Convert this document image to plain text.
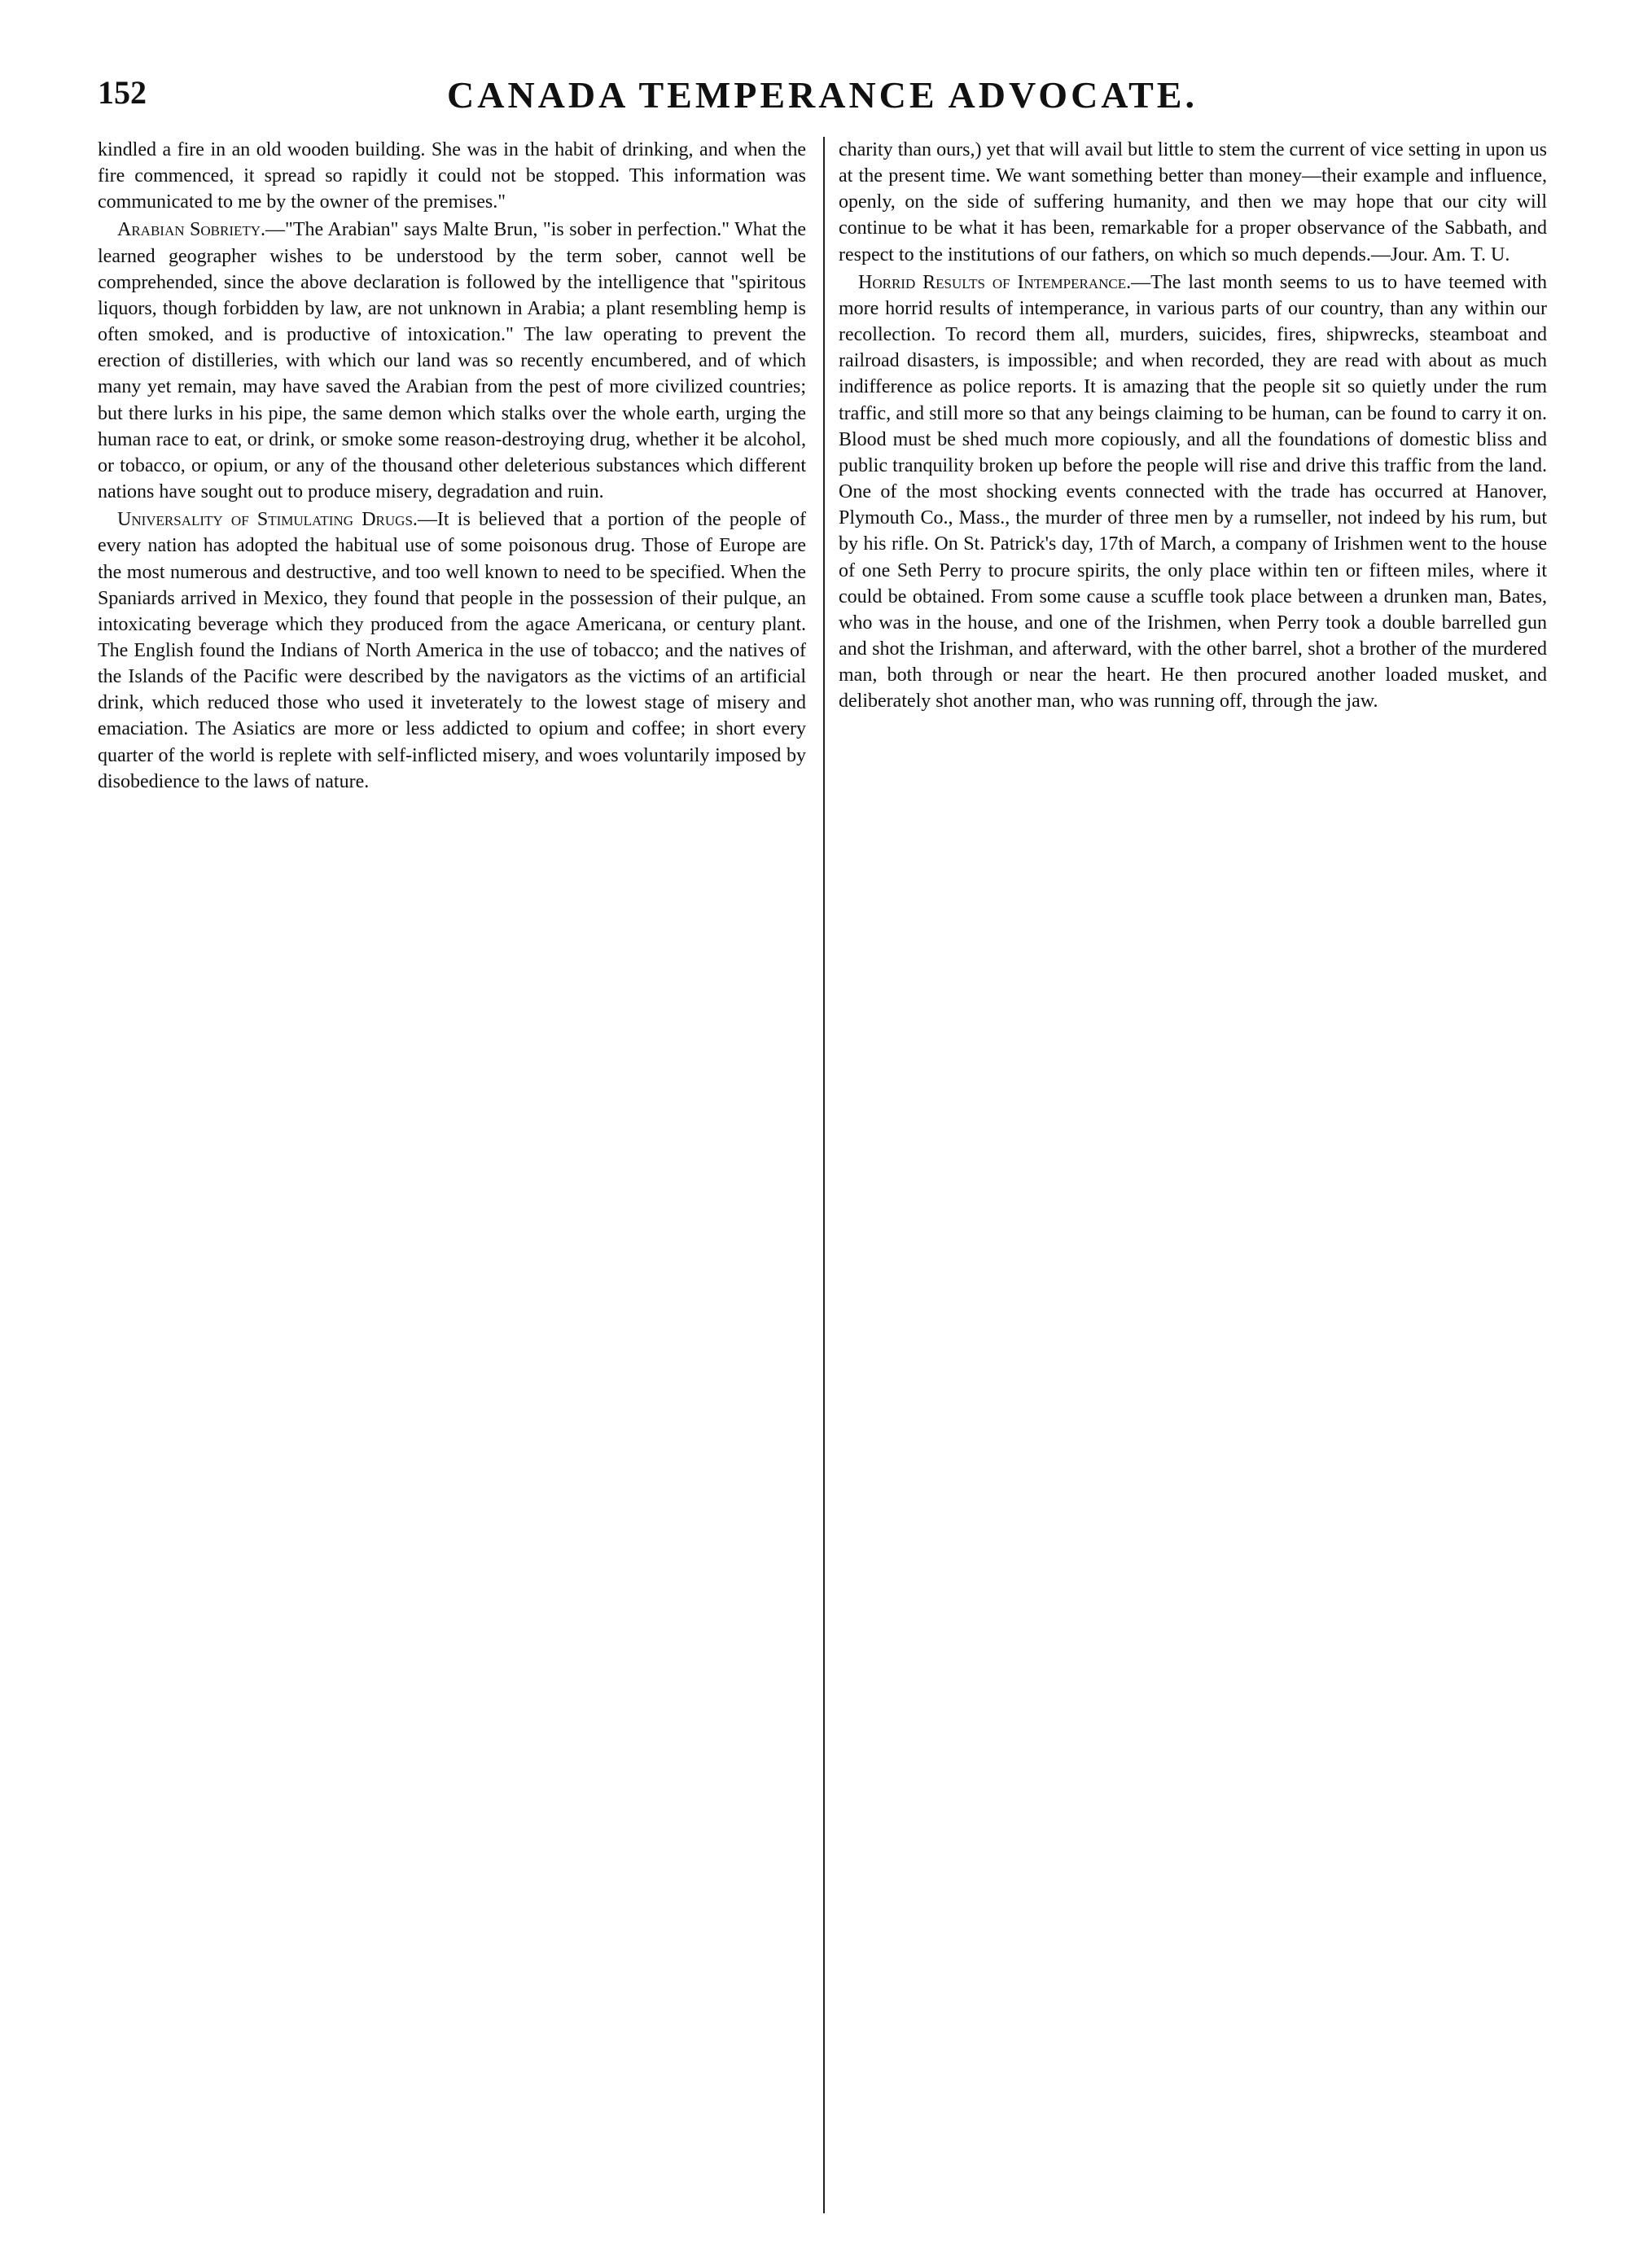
152	CANADA TEMPERANCE ADVOCATE.

kindled a fire in an old wooden building. She was in the habit of drinking, and when the fire commenced, it spread so rapidly it could not be stopped. This information was communicated to me by the owner of the premises."

Arabian Sobriety.—"The Arabian" says Malte Brun, "is sober in perfection." What the learned geographer wishes to be understood by the term sober, cannot well be comprehended, since the above declaration is followed by the intelligence that "spiritous liquors, though forbidden by law, are not unknown in Arabia; a plant resembling hemp is often smoked, and is productive of intoxication." The law operating to prevent the erection of distilleries, with which our land was so recently encumbered, and of which many yet remain, may have saved the Arabian from the pest of more civilized countries; but there lurks in his pipe, the same demon which stalks over the whole earth, urging the human race to eat, or drink, or smoke some reason-destroying drug, whether it be alcohol, or tobacco, or opium, or any of the thousand other deleterious substances which different nations have sought out to produce misery, degradation and ruin.

Universality of Stimulating Drugs.—It is believed that a portion of the people of every nation has adopted the habitual use of some poisonous drug. Those of Europe are the most numerous and destructive, and too well known to need to be specified. When the Spaniards arrived in Mexico, they found that people in the possession of their pulque, an intoxicating beverage which they produced from the agace Americana, or century plant. The English found the Indians of North America in the use of tobacco; and the natives of the Islands of the Pacific were described by the navigators as the victims of an artificial drink, which reduced those who used it inveterately to the lowest stage of misery and emaciation. The Asiatics are more or less addicted to opium and coffee; in short every quarter of the world is replete with self-inflicted misery, and woes voluntarily imposed by disobedience to the laws of nature.

charity than ours,) yet that will avail but little to stem the current of vice setting in upon us at the present time. We want something better than money—their example and influence, openly, on the side of suffering humanity, and then we may hope that our city will continue to be what it has been, remarkable for a proper observance of the Sabbath, and respect to the institutions of our fathers, on which so much depends.—Jour. Am. T. U.

Horrid Results of Intemperance.—The last month seems to us to have teemed with more horrid results of intemperance, in various parts of our country, than any within our recollection. To record them all, murders, suicides, fires, shipwrecks, steamboat and railroad disasters, is impossible; and when recorded, they are read with about as much indifference as police reports. It is amazing that the people sit so quietly under the rum traffic, and still more so that any beings claiming to be human, can be found to carry it on. Blood must be shed much more copiously, and all the foundations of domestic bliss and public tranquility broken up before the people will rise and drive this traffic from the land. One of the most shocking events connected with the trade has occurred at Hanover, Plymouth Co., Mass., the murder of three men by a rumseller, not indeed by his rum, but by his rifle. On St. Patrick's day, 17th of March, a company of Irishmen went to the house of one Seth Perry to procure spirits, the only place within ten or fifteen miles, where it could be obtained. From some cause a scuffle took place between a drunken man, Bates, who was in the house, and one of the Irishmen, when Perry took a double barrelled gun and shot the Irishman, and afterward, with the other barrel, shot a brother of the murdered man, both through or near the heart. He then procured another loaded musket, and deliberately shot another man, who was running off, through the jaw.
